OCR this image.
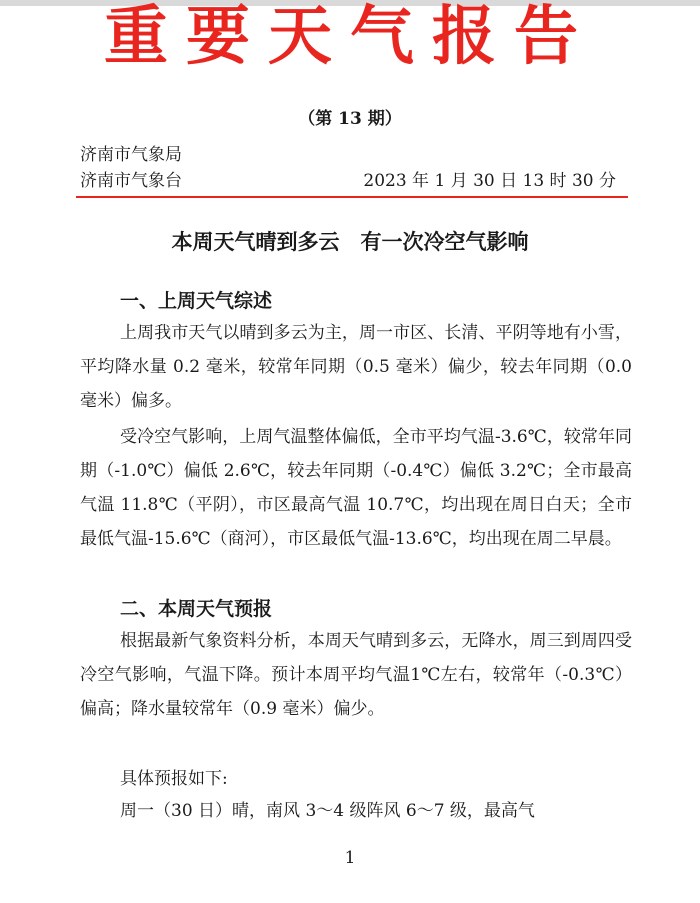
重要天气报告
（第 13 期）
济南市气象局
济南市气象台	2023 年 1 月 30 日 13 时 30 分
本周天气晴到多云　有一次冷空气影响
一、上周天气综述

上周我市天气以晴到多云为主，周一市区、长清、平阴等地有小雪，平均降水量 0.2 毫米，较常年同期（0.5 毫米）偏少，较去年同期（0.0 毫米）偏多。

受冷空气影响，上周气温整体偏低，全市平均气温-3.6℃，较常年同期（-1.0℃）偏低 2.6℃，较去年同期（-0.4℃）偏低 3.2℃；全市最高气温 11.8℃（平阴），市区最高气温 10.7℃，均出现在周日白天；全市最低气温-15.6℃（商河），市区最低气温-13.6℃，均出现在周二早晨。

二、本周天气预报

根据最新气象资料分析，本周天气晴到多云，无降水，周三到周四受冷空气影响，气温下降。预计本周平均气温1℃左右，较常年（-0.3℃）偏高；降水量较常年（0.9 毫米）偏少。

具体预报如下:

周一（30 日）晴，南风 3～4 级阵风 6～7 级，最高气

1
